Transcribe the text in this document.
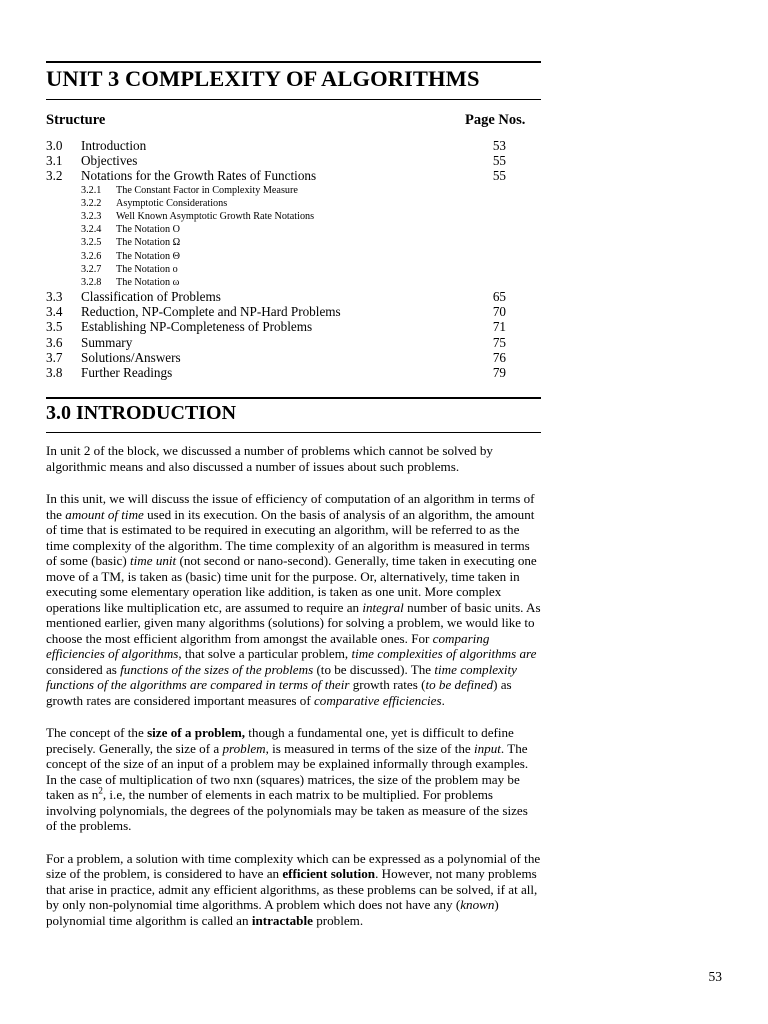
UNIT 3 COMPLEXITY OF ALGORITHMS
Structure	Page Nos.
3.0 Introduction	53
3.1 Objectives	55
3.2 Notations for the Growth Rates of Functions	55
3.2.1 The Constant Factor in Complexity Measure
3.2.2 Asymptotic Considerations
3.2.3 Well Known Asymptotic Growth Rate Notations
3.2.4 The Notation O
3.2.5 The Notation Ω
3.2.6 The Notation Θ
3.2.7 The Notation o
3.2.8 The Notation ω
3.3 Classification of Problems	65
3.4 Reduction, NP-Complete and NP-Hard Problems	70
3.5 Establishing NP-Completeness of Problems	71
3.6 Summary	75
3.7 Solutions/Answers	76
3.8 Further Readings	79
3.0 INTRODUCTION

In unit 2 of the block, we discussed a number of problems which cannot be solved by algorithmic means and also discussed a number of issues about such problems.

In this unit, we will discuss the issue of efficiency of computation of an algorithm in terms of the amount of time used in its execution. On the basis of analysis of an algorithm, the amount of time that is estimated to be required in executing an algorithm, will be referred to as the time complexity of the algorithm. The time complexity of an algorithm is measured in terms of some (basic) time unit (not second or nano-second). Generally, time taken in executing one move of a TM, is taken as (basic) time unit for the purpose. Or, alternatively, time taken in executing some elementary operation like addition, is taken as one unit. More complex operations like multiplication etc, are assumed to require an integral number of basic units. As mentioned earlier, given many algorithms (solutions) for solving a problem, we would like to choose the most efficient algorithm from amongst the available ones. For comparing efficiencies of algorithms, that solve a particular problem, time complexities of algorithms are considered as functions of the sizes of the problems (to be discussed). The time complexity functions of the algorithms are compared in terms of their growth rates (to be defined) as growth rates are considered important measures of comparative efficiencies.

The concept of the size of a problem, though a fundamental one, yet is difficult to define precisely. Generally, the size of a problem, is measured in terms of the size of the input. The concept of the size of an input of a problem may be explained informally through examples. In the case of multiplication of two nxn (squares) matrices, the size of the problem may be taken as $n^2$, i.e, the number of elements in each matrix to be multiplied. For problems involving polynomials, the degrees of the polynomials may be taken as measure of the sizes of the problems.

For a problem, a solution with time complexity which can be expressed as a polynomial of the size of the problem, is considered to have an efficient solution. However, not many problems that arise in practice, admit any efficient algorithms, as these problems can be solved, if at all, by only non-polynomial time algorithms. A problem which does not have any (known) polynomial time algorithm is called an intractable problem.

53
